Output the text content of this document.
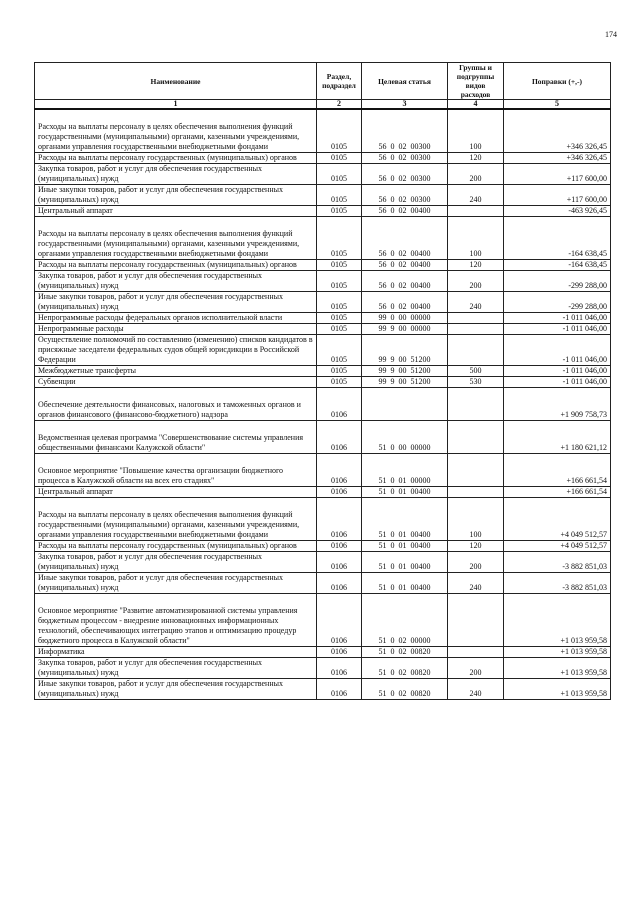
174
Наименование	Раздел, подраздел	Целевая статья	Группы и подгруппы видов расходов	Поправки (+,-)
1	2	3	4	5
Расходы на выплаты персоналу в целях обеспечения выполнения функций государственными (муниципальными) органами, казенными учреждениями, органами управления государственными внебюджетными фондами	0105	56  0  02  00300	100	+346 326,45
Расходы на выплаты персоналу государственных (муниципальных) органов	0105	56  0  02  00300	120	+346 326,45
Закупка товаров, работ и услуг для обеспечения государственных (муниципальных) нужд	0105	56  0  02  00300	200	+117 600,00
Иные закупки товаров, работ и услуг для обеспечения государственных (муниципальных) нужд	0105	56  0  02  00300	240	+117 600,00
Центральный аппарат	0105	56  0  02  00400		-463 926,45
Расходы на выплаты персоналу в целях обеспечения выполнения функций государственными (муниципальными) органами, казенными учреждениями, органами управления государственными внебюджетными фондами	0105	56  0  02  00400	100	-164 638,45
Расходы на выплаты персоналу государственных (муниципальных) органов	0105	56  0  02  00400	120	-164 638,45
Закупка товаров, работ и услуг для обеспечения государственных (муниципальных) нужд	0105	56  0  02  00400	200	-299 288,00
Иные закупки товаров, работ и услуг для обеспечения государственных (муниципальных) нужд	0105	56  0  02  00400	240	-299 288,00
Непрограммные расходы федеральных органов исполнительной власти	0105	99  0  00  00000		-1 011 046,00
Непрограммные расходы	0105	99  9  00  00000		-1 011 046,00
Осуществление полномочий по составлению (изменению) списков кандидатов в присяжные заседатели федеральных судов общей юрисдикции в Российской Федерации	0105	99  9  00  51200		-1 011 046,00
Межбюджетные трансферты	0105	99  9  00  51200	500	-1 011 046,00
Субвенции	0105	99  9  00  51200	530	-1 011 046,00
Обеспечение деятельности финансовых, налоговых и таможенных органов и органов финансового (финансово-бюджетного) надзора	0106			+1 909 758,73
Ведомственная целевая программа "Совершенствование системы управления общественными финансами Калужской области"	0106	51  0  00  00000		+1 180 621,12
Основное мероприятие "Повышение качества организации бюджетного процесса в Калужской области на всех его стадиях"	0106	51  0  01  00000		+166 661,54
Центральный аппарат	0106	51  0  01  00400		+166 661,54
Расходы на выплаты персоналу в целях обеспечения выполнения функций государственными (муниципальными) органами, казенными учреждениями, органами управления государственными внебюджетными фондами	0106	51  0  01  00400	100	+4 049 512,57
Расходы на выплаты персоналу государственных (муниципальных) органов	0106	51  0  01  00400	120	+4 049 512,57
Закупка товаров, работ и услуг для обеспечения государственных (муниципальных) нужд	0106	51  0  01  00400	200	-3 882 851,03
Иные закупки товаров, работ и услуг для обеспечения государственных (муниципальных) нужд	0106	51  0  01  00400	240	-3 882 851,03
Основное мероприятие "Развитие автоматизированной системы управления бюджетным процессом - внедрение инновационных информационных технологий, обеспечивающих интеграцию этапов и оптимизацию процедур бюджетного процесса в Калужской области"	0106	51  0  02  00000		+1 013 959,58
Информатика	0106	51  0  02  00820		+1 013 959,58
Закупка товаров, работ и услуг для обеспечения государственных (муниципальных) нужд	0106	51  0  02  00820	200	+1 013 959,58
Иные закупки товаров, работ и услуг для обеспечения государственных (муниципальных) нужд	0106	51  0  02  00820	240	+1 013 959,58
